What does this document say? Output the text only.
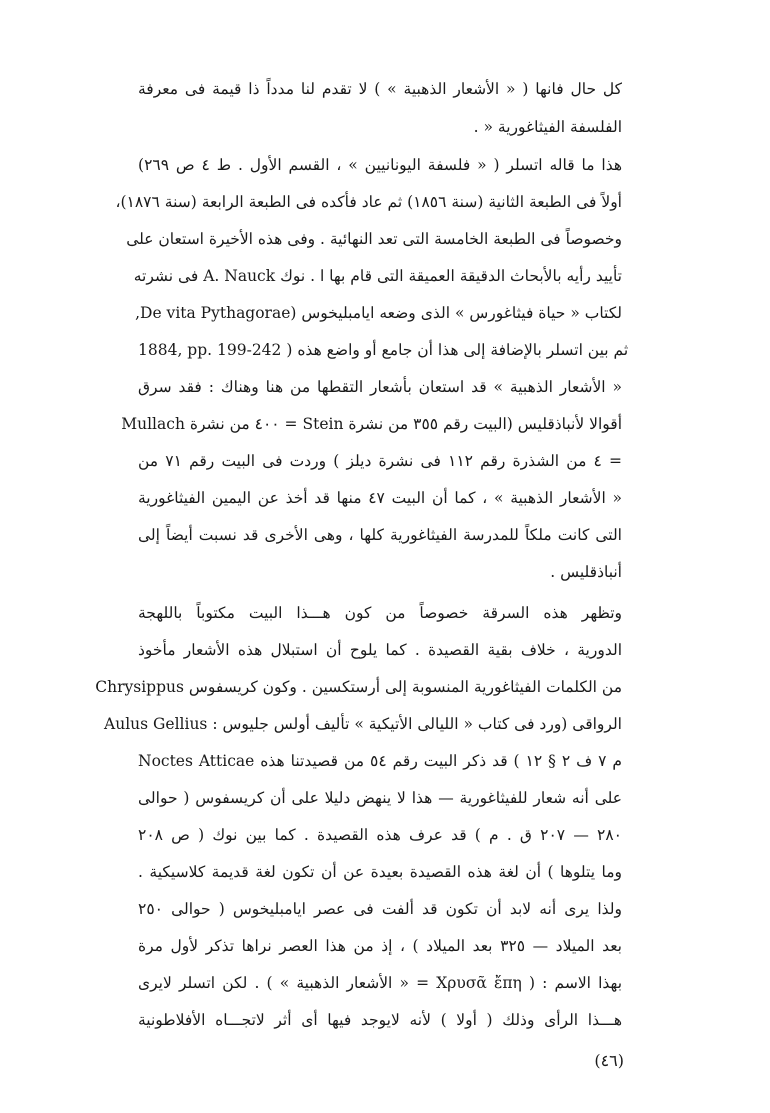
كل حال فانها ( « الأشعار الذهبية » ) لا تقدم لنا مدداً ذا قيمة فى معرفة
الفلسفة الفيثاغورية « .
هذا ما قاله اتسلر ( « فلسفة اليونانيين » ، القسم الأول . ط ٤ ص ٢٦٩)
أولاً فى الطبعة الثانية (سنة ١٨٥٦) ثم عاد فأكده فى الطبعة الرابعة (سنة ١٨٧٦)،
وخصوصاً فى الطبعة الخامسة التى تعد النهائية . وفى هذه الأخيرة استعان على
تأييد رأيه بالأبحاث الدقيقة العميقة التى قام بها ا . نوك A. Nauck فى نشرته
لكتاب « حياة فيثاغورس » الذى وضعه ايامبليخوس (De vita Pythagorae,
1884, pp. 199-242 ) ثم بين اتسلر بالإضافة إلى هذا أن جامع أو واضع هذه
« الأشعار الذهبية » قد استعان بأشعار التقطها من هنا وهناك : فقد سرق
أقوالا لأنباذقليس (البيت رقم ٣٥٥ من نشرة Stein = ٤٠٠ من نشرة Mullach
= ٤ من الشذرة رقم ١١٢ فى نشرة ديلز ) وردت فى البيت رقم ٧١ من
« الأشعار الذهبية » ، كما أن البيت ٤٧ منها قد أخذ عن اليمين الفيثاغورية
التى كانت ملكاً للمدرسة الفيثاغورية كلها ، وهى الأخرى قد نسبت أيضاً إلى
أنباذقليس .
وتظهر هذه السرقة خصوصاً من كون هـــذا البيت مكتوباً باللهجة
الدورية ، خلاف بقية القصيدة . كما يلوح أن استبلال هذه الأشعار مأخوذ
من الكلمات الفيثاغورية المنسوبة إلى أرستكسين . وكون كريسفوس Chrysippus
الرواقى (ورد فى كتاب « الليالى الأتيكية » تأليف أولس جليوس : Aulus Gellius
Noctes Atticae م ٧ ف ٢ § ١٢ ) قد ذكر البيت رقم ٥٤ من قصيدتنا هذه
على أنه شعار للفيثاغورية — هذا لا ينهض دليلا على أن كريسفوس ( حوالى
٢٨٠ — ٢٠٧ ق . م ) قد عرف هذه القصيدة . كما بين نوك ( ص ٢٠٨
وما يتلوها ) أن لغة هذه القصيدة بعيدة عن أن تكون لغة قديمة كلاسيكية .
ولذا يرى أنه لابد أن تكون قد ألفت فى عصر ايامبليخوس ( حوالى ٢٥٠
بعد الميلاد — ٣٢٥ بعد الميلاد ) ، إذ من هذا العصر نراها تذكر لأول مرة
بهذا الاسم : ( Χρυσᾶ ἔπη = « الأشعار الذهبية » ) . لكن اتسلر لايرى
هـــذا الرأى وذلك ( أولا ) لأنه لايوجد فيها أى أثر لاتجـــاه الأفلاطونية
(٤٦)
